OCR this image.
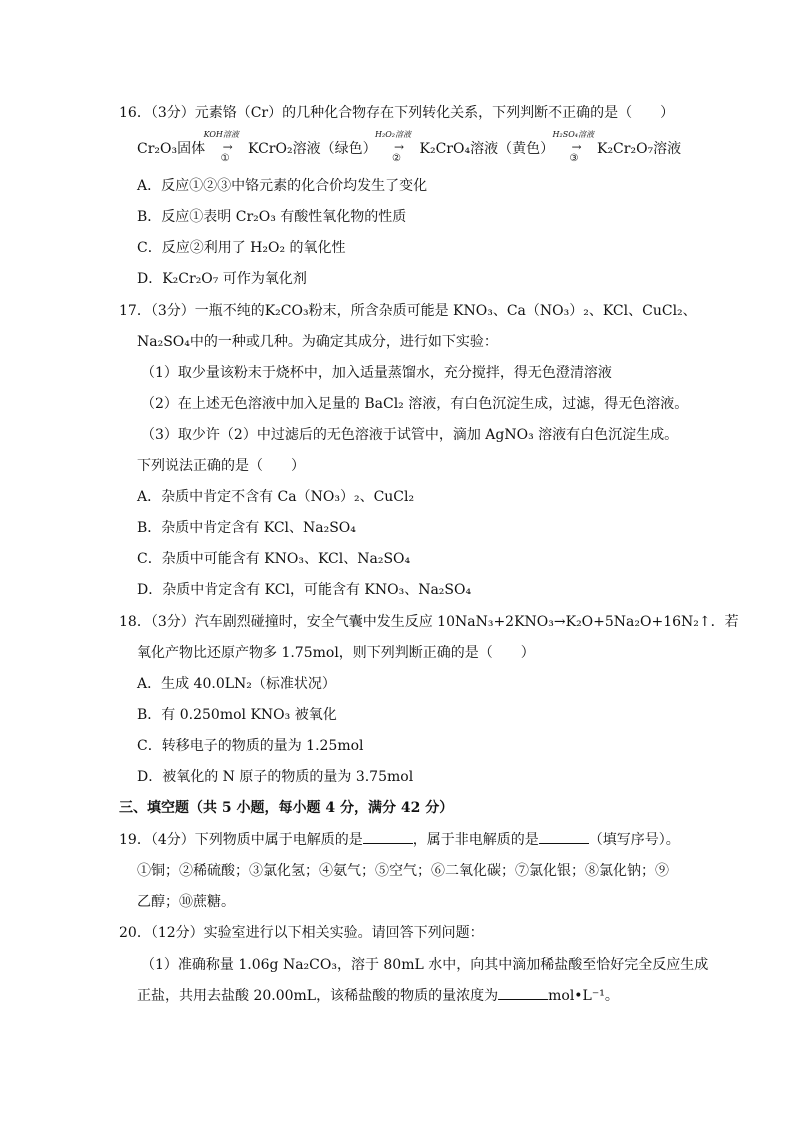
16．（3分）元素铬（Cr）的几种化合物存在下列转化关系，下列判断不正确的是（　　）
Cr₂O₃固体
KOH溶液
→
①
KCrO₂溶液（绿色）
H₂O₂溶液
→
②
K₂CrO₄溶液（黄色）
H₂SO₄溶液
→
③
K₂Cr₂O₇溶液
A．反应①②③中铬元素的化合价均发生了变化
B．反应①表明 Cr₂O₃ 有酸性氧化物的性质
C．反应②利用了 H₂O₂ 的氧化性
D．K₂Cr₂O₇ 可作为氧化剂
17．（3分）一瓶不纯的K₂CO₃粉末，所含杂质可能是 KNO₃、Ca（NO₃）₂、KCl、CuCl₂、
Na₂SO₄中的一种或几种。为确定其成分，进行如下实验：
（1）取少量该粉末于烧杯中，加入适量蒸馏水，充分搅拌，得无色澄清溶液
（2）在上述无色溶液中加入足量的 BaCl₂ 溶液，有白色沉淀生成，过滤，得无色溶液。
（3）取少许（2）中过滤后的无色溶液于试管中，滴加 AgNO₃ 溶液有白色沉淀生成。
下列说法正确的是（　　）
A．杂质中肯定不含有 Ca（NO₃）₂、CuCl₂
B．杂质中肯定含有 KCl、Na₂SO₄
C．杂质中可能含有 KNO₃、KCl、Na₂SO₄
D．杂质中肯定含有 KCl，可能含有 KNO₃、Na₂SO₄
18．（3分）汽车剧烈碰撞时，安全气囊中发生反应 10NaN₃+2KNO₃→K₂O+5Na₂O+16N₂↑．若
氧化产物比还原产物多 1.75mol，则下列判断正确的是（　　）
A．生成 40.0LN₂（标准状况）
B．有 0.250mol KNO₃ 被氧化
C．转移电子的物质的量为 1.25mol
D．被氧化的 N 原子的物质的量为 3.75mol
三、填空题（共 5 小题，每小题 4 分，满分 42 分）
19．（4分）下列物质中属于电解质的是	，属于非电解质的是	（填写序号）。
①铜；②稀硫酸；③氯化氢；④氨气；⑤空气；⑥二氧化碳；⑦氯化银；⑧氯化钠；⑨
乙醇；⑩蔗糖。
20．（12分）实验室进行以下相关实验。请回答下列问题：
（1）准确称量 1.06g Na₂CO₃，溶于 80mL 水中，向其中滴加稀盐酸至恰好完全反应生成
正盐，共用去盐酸 20.00mL，该稀盐酸的物质的量浓度为	mol•L⁻¹。
